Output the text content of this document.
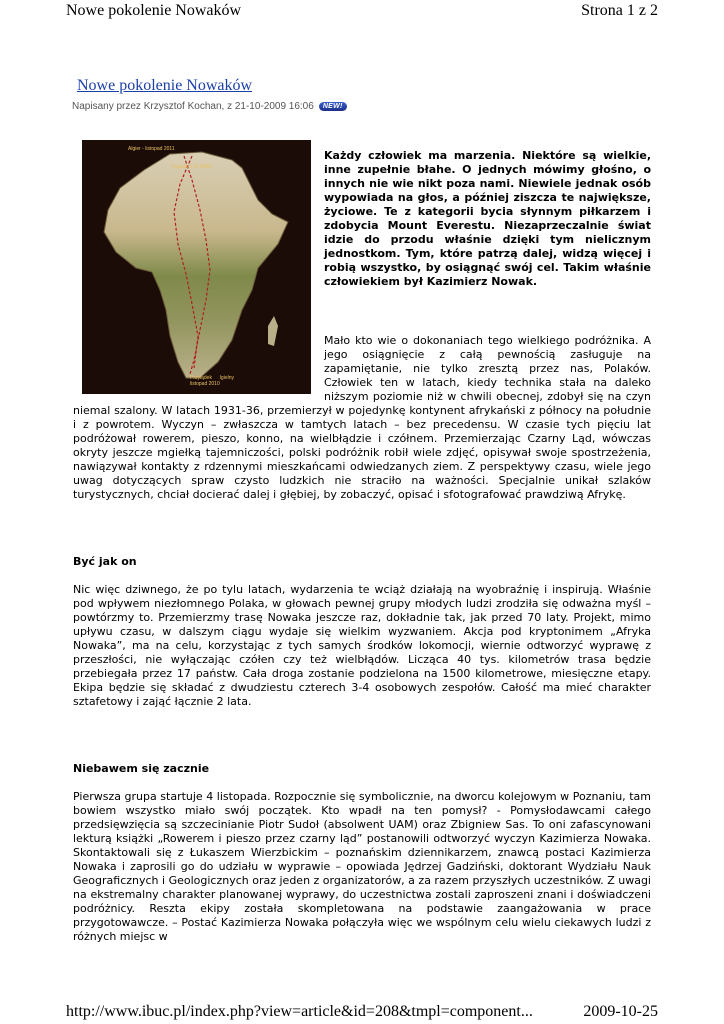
Nowe pokolenie Nowaków	Strona 1 z 2
Nowe pokolenie Nowaków
Napisany przez Krzysztof Kochan, z 21-10-2009 16:06	NEW!
Algier - listopad 2011
Trypolis 3.XI 2009
Przylądek Igielny listopad 2010

Każdy człowiek ma marzenia. Niektóre są wielkie, inne zupełnie błahe. O jednych mówimy głośno, o innych nie wie nikt poza nami. Niewiele jednak osób wypowiada na głos, a później ziszcza te największe, życiowe. Te z kategorii bycia słynnym piłkarzem i zdobycia Mount Everestu. Niezaprzeczalnie świat idzie do przodu właśnie dzięki tym nielicznym jednostkom. Tym, które patrzą dalej, widzą więcej i robią wszystko, by osiągnąć swój cel. Takim właśnie człowiekiem był Kazimierz Nowak.

Mało kto wie o dokonaniach tego wielkiego podróżnika. A jego osiągnięcie z całą pewnością zasługuje na zapamiętanie, nie tylko zresztą przez nas, Polaków. Człowiek ten w latach, kiedy technika stała na daleko niższym poziomie niż w chwili obecnej, zdobył się na czyn niemal szalony. W latach 1931-36, przemierzył w pojedynkę kontynent afrykański z północy na południe i z powrotem. Wyczyn – zwłaszcza w tamtych latach – bez precedensu. W czasie tych pięciu lat podróżował rowerem, pieszo, konno, na wielbłądzie i czółnem. Przemierzając Czarny Ląd, wówczas okryty jeszcze mgiełką tajemniczości, polski podróżnik robił wiele zdjęć, opisywał swoje spostrzeżenia, nawiązywał kontakty z rdzennymi mieszkańcami odwiedzanych ziem. Z perspektywy czasu, wiele jego uwag dotyczących spraw czysto ludzkich nie straciło na ważności. Specjalnie unikał szlaków turystycznych, chciał docierać dalej i głębiej, by zobaczyć, opisać i sfotografować prawdziwą Afrykę.

Być jak on

Nic więc dziwnego, że po tylu latach, wydarzenia te wciąż działają na wyobraźnię i inspirują. Właśnie pod wpływem niezłomnego Polaka, w głowach pewnej grupy młodych ludzi zrodziła się odważna myśl – powtórzmy to. Przemierzmy trasę Nowaka jeszcze raz, dokładnie tak, jak przed 70 laty. Projekt, mimo upływu czasu, w dalszym ciągu wydaje się wielkim wyzwaniem. Akcja pod kryptonimem „Afryka Nowaka”, ma na celu, korzystając z tych samych środków lokomocji, wiernie odtworzyć wyprawę z przeszłości, nie wyłączając czółen czy też wielbłądów. Licząca 40 tys. kilometrów trasa będzie przebiegała przez 17 państw. Cała droga zostanie podzielona na 1500 kilometrowe, miesięczne etapy. Ekipa będzie się składać z dwudziestu czterech 3-4 osobowych zespołów. Całość ma mieć charakter sztafetowy i zająć łącznie 2 lata.

Niebawem się zacznie

Pierwsza grupa startuje 4 listopada. Rozpocznie się symbolicznie, na dworcu kolejowym w Poznaniu, tam bowiem wszystko miało swój początek. Kto wpadł na ten pomysł? - Pomysłodawcami całego przedsięwzięcia są szczecinianie Piotr Sudoł (absolwent UAM) oraz Zbigniew Sas. To oni zafascynowani lekturą książki „Rowerem i pieszo przez czarny ląd” postanowili odtworzyć wyczyn Kazimierza Nowaka. Skontaktowali się z Łukaszem Wierzbickim – poznańskim dziennikarzem, znawcą postaci Kazimierza Nowaka i zaprosili go do udziału w wyprawie – opowiada Jędrzej Gadziński, doktorant Wydziału Nauk Geograficznych i Geologicznych oraz jeden z organizatorów, a za razem przyszłych uczestników. Z uwagi na ekstremalny charakter planowanej wyprawy, do uczestnictwa zostali zaproszeni znani i doświadczeni podróżnicy. Reszta ekipy została skompletowana na podstawie zaangażowania w prace przygotowawcze. – Postać Kazimierza Nowaka połączyła więc we wspólnym celu wielu ciekawych ludzi z różnych miejsc w

http://www.ibuc.pl/index.php?view=article&id=208&tmpl=component...	2009-10-25
